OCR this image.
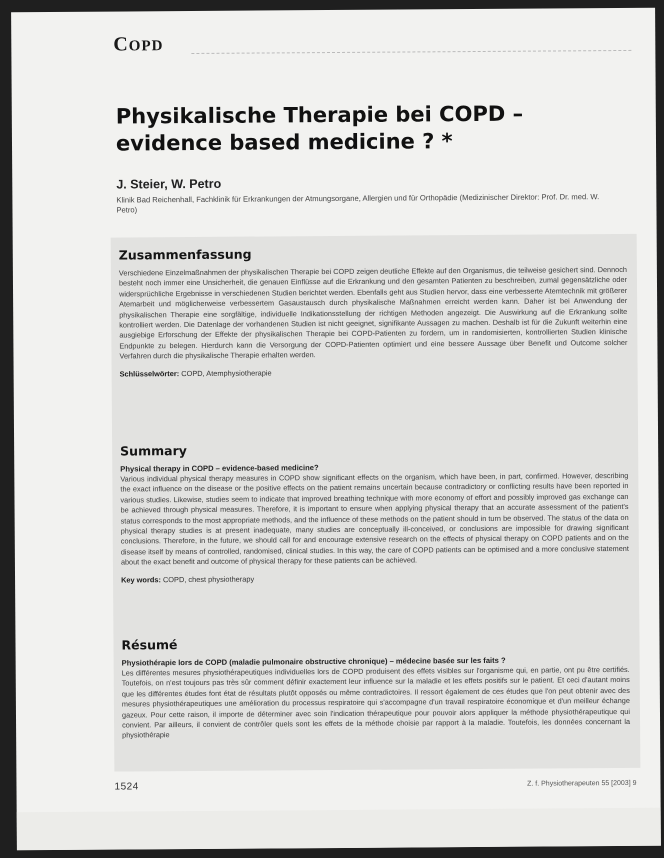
COPD
Physikalische Therapie bei COPD – evidence based medicine ? *
J. Steier, W. Petro
Klinik Bad Reichenhall, Fachklinik für Erkrankungen der Atmungsorgane, Allergien und für Orthopädie (Medizinischer Direktor: Prof. Dr. med. W. Petro)
Zusammenfassung

Verschiedene Einzelmaßnahmen der physikalischen Therapie bei COPD zeigen deutliche Effekte auf den Organismus, die teilweise gesichert sind. Dennoch besteht noch immer eine Unsicherheit, die genauen Einflüsse auf die Erkrankung und den gesamten Patienten zu beschreiben, zumal gegensätzliche oder widersprüchliche Ergebnisse in verschiedenen Studien berichtet werden. Ebenfalls geht aus Studien hervor, dass eine verbesserte Atemtechnik mit größerer Atemarbeit und möglicherweise verbessertem Gasaustausch durch physikalische Maßnahmen erreicht werden kann. Daher ist bei Anwendung der physikalischen Therapie eine sorgfältige, individuelle Indikationsstellung der richtigen Methoden angezeigt. Die Auswirkung auf die Erkrankung sollte kontrolliert werden. Die Datenlage der vorhandenen Studien ist nicht geeignet, signifikante Aussagen zu machen. Deshalb ist für die Zukunft weiterhin eine ausgiebige Erforschung der Effekte der physikalischen Therapie bei COPD-Patienten zu fordern, um in randomisierten, kontrollierten Studien klinische Endpunkte zu belegen. Hierdurch kann die Versorgung der COPD-Patienten optimiert und eine bessere Aussage über Benefit und Outcome solcher Verfahren durch die physikalische Therapie erhalten werden.

Schlüsselwörter: COPD, Atemphysiotherapie
Summary
Physical therapy in COPD – evidence-based medicine?

Various individual physical therapy measures in COPD show significant effects on the organism, which have been, in part, confirmed. However, describing the exact influence on the disease or the positive effects on the patient remains uncertain because contradictory or conflicting results have been reported in various studies. Likewise, studies seem to indicate that improved breathing technique with more economy of effort and possibly improved gas exchange can be achieved through physical measures. Therefore, it is important to ensure when applying physical therapy that an accurate assessment of the patient's status corresponds to the most appropriate methods, and the influence of these methods on the patient should in turn be observed. The status of the data on physical therapy studies is at present inadequate, many studies are conceptually ill-conceived, or conclusions are impossible for drawing significant conclusions. Therefore, in the future, we should call for and encourage extensive research on the effects of physical therapy on COPD patients and on the disease itself by means of controlled, randomised, clinical studies. In this way, the care of COPD patients can be optimised and a more conclusive statement about the exact benefit and outcome of physical therapy for these patients can be achieved.

Key words: COPD, chest physiotherapy
Résumé
Physiothérapie lors de COPD (maladie pulmonaire obstructive chronique) – médecine basée sur les faits ?

Les différentes mesures physiothérapeutiques individuelles lors de COPD produisent des effets visibles sur l'organisme qui, en partie, ont pu être certifiés. Toutefois, on n'est toujours pas très sûr comment définir exactement leur influence sur la maladie et les effets positifs sur le patient. Et ceci d'autant moins que les différentes études font état de résultats plutôt opposés ou même contradictoires. Il ressort également de ces études que l'on peut obtenir avec des mesures physiothérapeutiques une amélioration du processus respiratoire qui s'accompagne d'un travail respiratoire économique et d'un meilleur échange gazeux. Pour cette raison, il importe de déterminer avec soin l'indication thérapeutique pour pouvoir alors appliquer la méthode physiothérapeutique qui convient. Par ailleurs, il convient de contrôler quels sont les effets de la méthode choisie par rapport à la maladie. Toutefois, les données concernant la physiothérapie

1524	Z. f. Physiotherapeuten 55 [2003] 9
